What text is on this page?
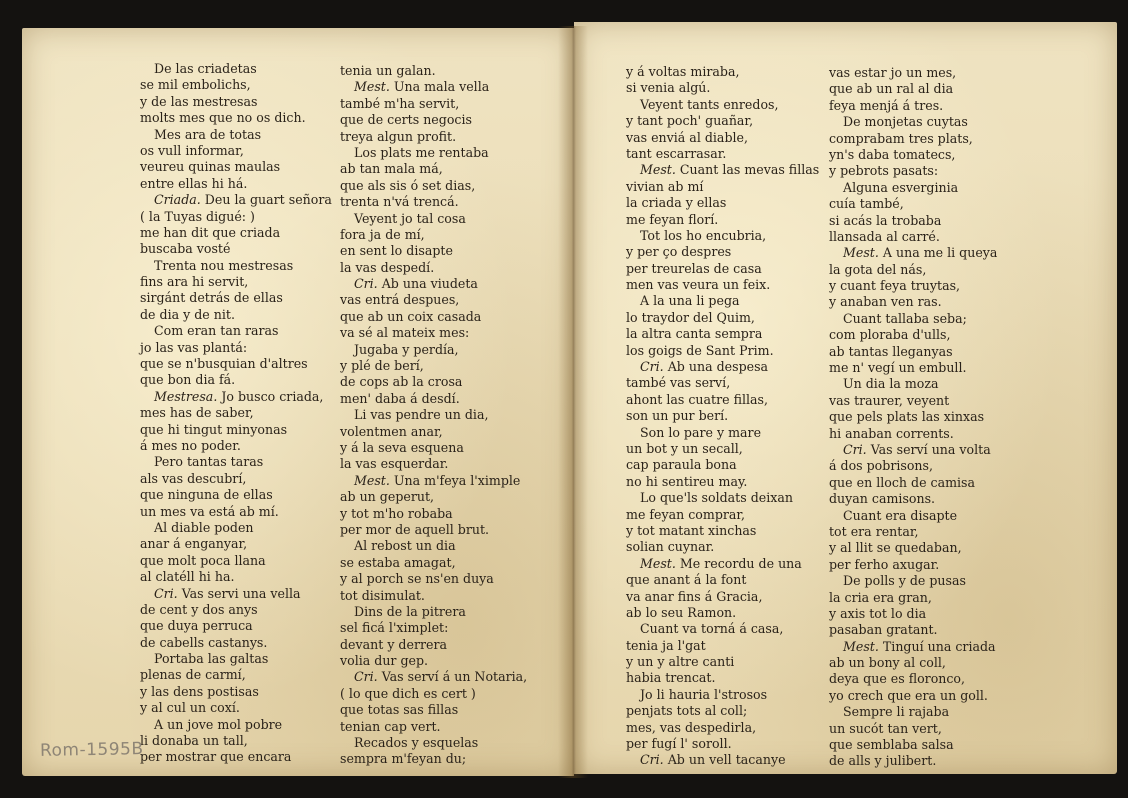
De las criadetas
se mil embolichs,
y de las mestresas
molts mes que no os dich.
Mes ara de totas
os vull informar,
veureu quinas maulas
entre ellas hi há.
Criada. Deu la guart señora
( la Tuyas digué: )
me han dit que criada
buscaba vosté
Trenta nou mestresas
fins ara hi servit,
sirgánt detrás de ellas
de dia y de nit.
Com eran tan raras
jo las vas plantá:
que se n'busquian d'altres
que bon dia fá.
Mestresa. Jo busco criada,
mes has de saber,
que hi tingut minyonas
á mes no poder.
Pero tantas taras
als vas descubrí,
que ninguna de ellas
un mes va está ab mí.
Al diable poden
anar á enganyar,
que molt poca llana
al clatéll hi ha.
Cri. Vas servi una vella
de cent y dos anys
que duya perruca
de cabells castanys.
Portaba las galtas
plenas de carmí,
y las dens postisas
y al cul un coxí.
A un jove mol pobre
li donaba un tall,
per mostrar que encara
tenia un galan.
Mest. Una mala vella
també m'ha servit,
que de certs negocis
treya algun profit.
Los plats me rentaba
ab tan mala má,
que als sis ó set dias,
trenta n'vá trencá.
Veyent jo tal cosa
fora ja de mí,
en sent lo disapte
la vas despedí.
Cri. Ab una viudeta
vas entrá despues,
que ab un coix casada
va sé al mateix mes:
Jugaba y perdía,
y plé de berí,
de cops ab la crosa
men' daba á desdí.
Li vas pendre un dia,
volentmen anar,
y á la seva esquena
la vas esquerdar.
Mest. Una m'feya l'ximple
ab un geperut,
y tot m'ho robaba
per mor de aquell brut.
Al rebost un dia
se estaba amagat,
y al porch se ns'en duya
tot disimulat.
Dins de la pitrera
sel ficá l'ximplet:
devant y derrera
volia dur gep.
Cri. Vas serví á un Notaria,
( lo que dich es cert )
que totas sas fillas
tenian cap vert.
Recados y esquelas
sempra m'feyan du;
y á voltas miraba,
si venia algú.
Veyent tants enredos,
y tant poch' guañar,
vas enviá al diable,
tant escarrasar.
Mest. Cuant las mevas fillas
vivian ab mí
la criada y ellas
me feyan florí.
Tot los ho encubria,
y per ço despres
per treurelas de casa
men vas veura un feix.
A la una li pega
lo traydor del Quim,
la altra canta sempra
los goigs de Sant Prim.
Cri. Ab una despesa
també vas serví,
ahont las cuatre fillas,
son un pur berí.
Son lo pare y mare
un bot y un secall,
cap paraula bona
no hi sentireu may.
Lo que'ls soldats deixan
me feyan comprar,
y tot matant xinchas
solian cuynar.
Mest. Me recordu de una
que anant á la font
va anar fins á Gracia,
ab lo seu Ramon.
Cuant va torná á casa,
tenia ja l'gat
y un y altre canti
habia trencat.
Jo li hauria l'strosos
penjats tots al coll;
mes, vas despedirla,
per fugí l' soroll.
Cri. Ab un vell tacanye
vas estar jo un mes,
que ab un ral al dia
feya menjá á tres.
De monjetas cuytas
comprabam tres plats,
yn's daba tomatecs,
y pebrots pasats:
Alguna esverginia
cuía també,
si acás la trobaba
llansada al carré.
Mest. A una me li queya
la gota del nás,
y cuant feya truytas,
y anaban ven ras.
Cuant tallaba seba;
com ploraba d'ulls,
ab tantas lleganyas
me n' vegí un embull.
Un dia la moza
vas traurer, veyent
que pels plats las xinxas
hi anaban corrents.
Cri. Vas serví una volta
á dos pobrisons,
que en lloch de camisa
duyan camisons.
Cuant era disapte
tot era rentar,
y al llit se quedaban,
per ferho axugar.
De polls y de pusas
la cria era gran,
y axis tot lo dia
pasaban gratant.
Mest. Tinguí una criada
ab un bony al coll,
deya que es floronco,
yo crech que era un goll.
Sempre li rajaba
un sucót tan vert,
que semblaba salsa
de alls y julibert.
Rom-1595B
